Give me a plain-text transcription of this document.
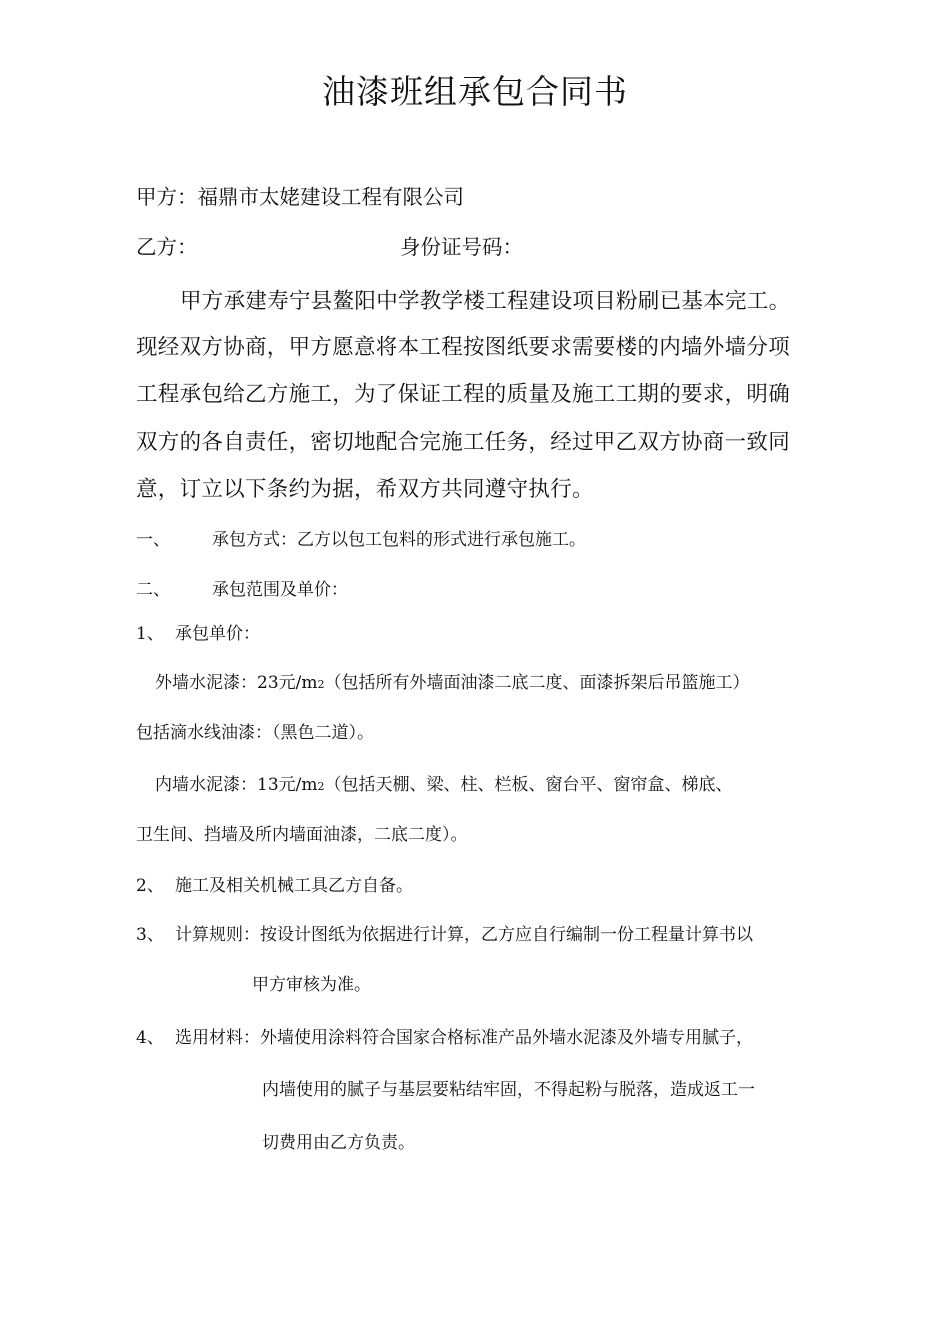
油漆班组承包合同书
甲方：福鼎市太姥建设工程有限公司
乙方：	身份证号码：
甲方承建寿宁县鳌阳中学教学楼工程建设项目粉刷已基本完工。
现经双方协商，甲方愿意将本工程按图纸要求需要楼的内墙外墙分项
工程承包给乙方施工，为了保证工程的质量及施工工期的要求，明确
双方的各自责任，密切地配合完施工任务，经过甲乙双方协商一致同
意，订立以下条约为据，希双方共同遵守执行。
一、 承包方式：乙方以包工包料的形式进行承包施工。
二、 承包范围及单价：
1、 承包单价：
外墙水泥漆：23元/m2（包括所有外墙面油漆二底二度、面漆拆架后吊篮施工）
包括滴水线油漆：（黑色二道）。
内墙水泥漆：13元/m2（包括天棚、梁、柱、栏板、窗台平、窗帘盒、梯底、
卫生间、挡墙及所内墙面油漆，二底二度）。
2、 施工及相关机械工具乙方自备。
3、 计算规则：按设计图纸为依据进行计算，乙方应自行编制一份工程量计算书以
甲方审核为准。
4、 选用材料：外墙使用涂料符合国家合格标准产品外墙水泥漆及外墙专用腻子，
内墙使用的腻子与基层要粘结牢固，不得起粉与脱落，造成返工一
切费用由乙方负责。
